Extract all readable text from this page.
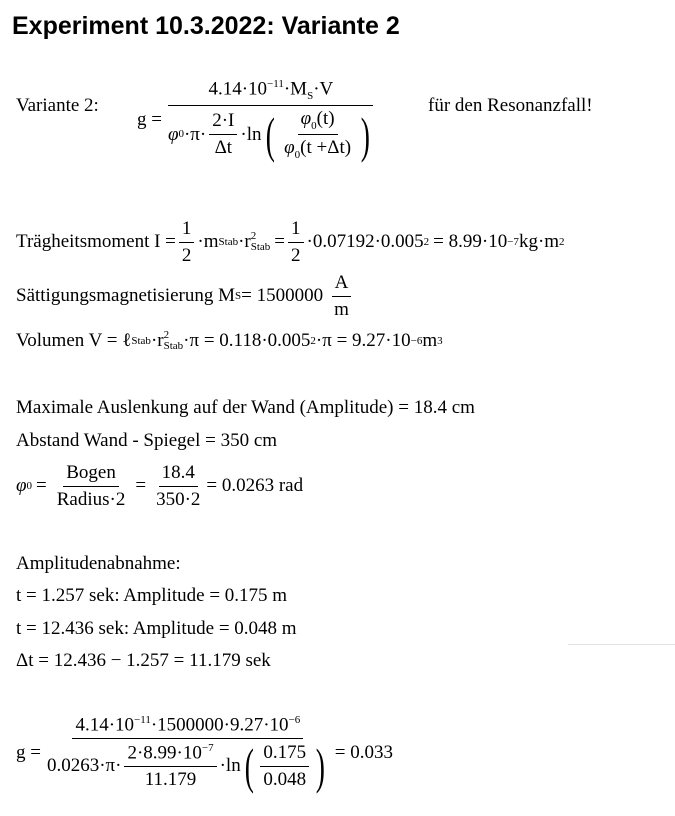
Experiment 10.3.2022: Variante 2
Variante 2:
g =
$4.14\cdot 10^{-11}\cdot M_S\cdot V$
φ $0 \cdot\pi\cdot \frac{2\cdot I}{\Delta t} \cdot\ln$ ( $\frac{\varphi_0(t)}{\varphi_0(t +\Delta t)}$ )
für den Resonanzfall!
Trägheitsmoment $I = \frac{1}{2} \cdot m$ Stab ·r 2
Stab = $\frac{1}{2} \cdot 0.07192\cdot 0.005$ 2 = 8.99·10 −7 kg·m 2
Sättigungsmagnetisierung M $S = 1500000 \frac{A}{m}$
Volumen V = ℓ Stab ·r 2
Stab ·π = 0.118·0.005 2 ·π = 9.27·10 −6 m 3
Maximale Auslenkung auf der Wand (Amplitude) = 18.4 cm
Abstand Wand - Spiegel = 350 cm
φ $0 = \frac{\text{Bogen}}{\text{Radius·2}} = \frac{18.4}{350\cdot 2} = 0.0263$ rad
Amplitudenabnahme:
t = 1.257 sek: Amplitude = 0.175 m
t = 12.436 sek: Amplitude = 0.048 m
Δt = 12.436 − 1.257 = 11.179 sek
g =
$4.14\cdot 10^{-11}\cdot 1500000\cdot 9.27\cdot 10^{-6}$
$0.0263\cdot\pi\cdot \frac{2\cdot 8.99\cdot 10^{-7}}{11.179} \cdot\ln$ ( $\frac{0.175}{0.048}$ ) = 0.033
